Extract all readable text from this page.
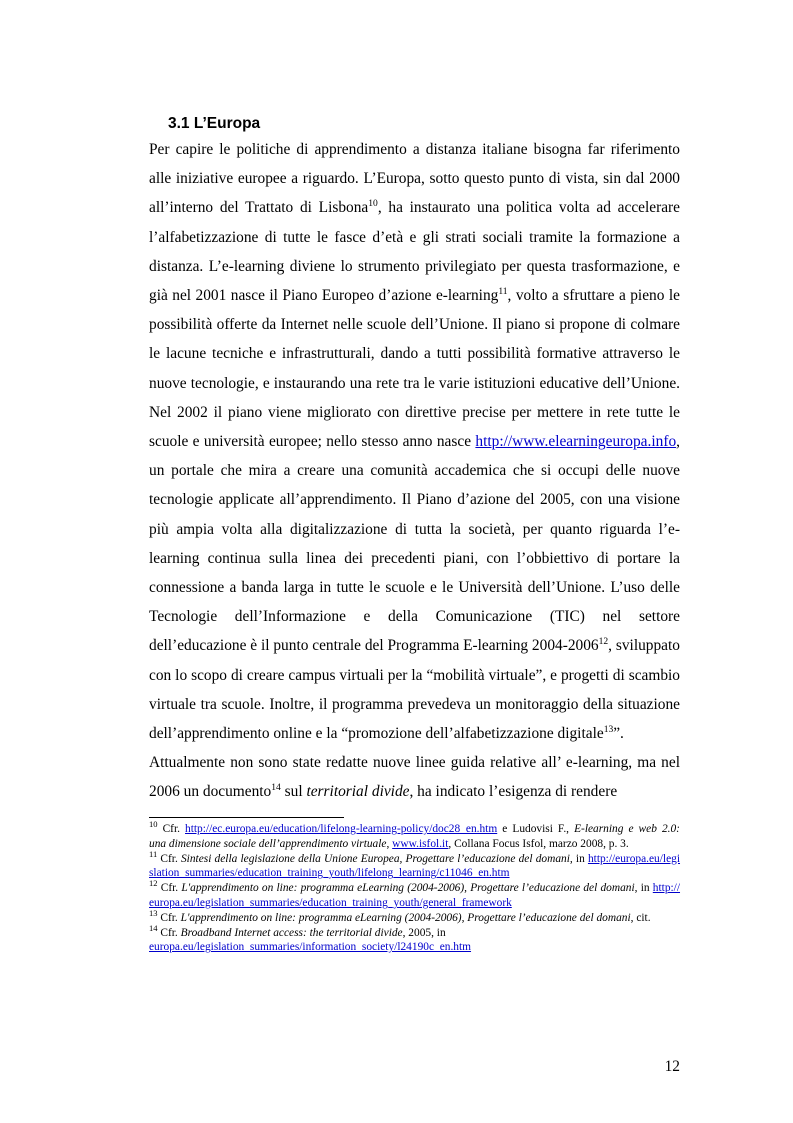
3.1 L’Europa

Per capire le politiche di apprendimento a distanza italiane bisogna far riferimento alle iniziative europee a riguardo. L’Europa, sotto questo punto di vista, sin dal 2000 all’interno del Trattato di Lisbona$^{10}$, ha instaurato una politica volta ad accelerare l’alfabetizzazione di tutte le fasce d’età e gli strati sociali tramite la formazione a distanza. L’e-learning diviene lo strumento privilegiato per questa trasformazione, e già nel 2001 nasce il Piano Europeo d’azione e-learning$^{11}$, volto a sfruttare a pieno le possibilità offerte da Internet nelle scuole dell’Unione. Il piano si propone di colmare le lacune tecniche e infrastrutturali, dando a tutti possibilità formative attraverso le nuove tecnologie, e instaurando una rete tra le varie istituzioni educative dell’Unione. Nel 2002 il piano viene migliorato con direttive precise per mettere in rete tutte le scuole e università europee; nello stesso anno nasce http://www.elearningeuropa.info, un portale che mira a creare una comunità accademica che si occupi delle nuove tecnologie applicate all’apprendimento. Il Piano d’azione del 2005, con una visione più ampia volta alla digitalizzazione di tutta la società, per quanto riguarda l’e-learning continua sulla linea dei precedenti piani, con l’obbiettivo di portare la connessione a banda larga in tutte le scuole e le Università dell’Unione. L’uso delle Tecnologie dell’Informazione e della Comunicazione (TIC) nel settore dell’educazione è il punto centrale del Programma E-learning 2004-2006$^{12}$, sviluppato con lo scopo di creare campus virtuali per la “mobilità virtuale”, e progetti di scambio virtuale tra scuole. Inoltre, il programma prevedeva un monitoraggio della situazione dell’apprendimento online e la “promozione dell’alfabetizzazione digitale$^{13}$”.

Attualmente non sono state redatte nuove linee guida relative all’ e-learning, ma nel 2006 un documento$^{14}$ sul territorial divide, ha indicato l’esigenza di rendere

$^{10}$ Cfr. http://ec.europa.eu/education/lifelong-learning-policy/doc28_en.htm e Ludovisi F., E-learning e web 2.0: una dimensione sociale dell’apprendimento virtuale, www.isfol.it, Collana Focus Isfol, marzo 2008, p. 3.

$^{11}$ Cfr. Sintesi della legislazione della Unione Europea, Progettare l’educazione del domani, in http://europa.eu/legislation_summaries/education_training_youth/lifelong_learning/c11046_en.htm

$^{12}$ Cfr. L'apprendimento on line: programma eLearning (2004-2006), Progettare l’educazione del domani, in http://europa.eu/legislation_summaries/education_training_youth/general_framework

$^{13}$ Cfr. L'apprendimento on line: programma eLearning (2004-2006), Progettare l’educazione del domani, cit.

$^{14}$ Cfr. Broadband Internet access: the territorial divide, 2005, in
europa.eu/legislation_summaries/information_society/l24190c_en.htm

12
